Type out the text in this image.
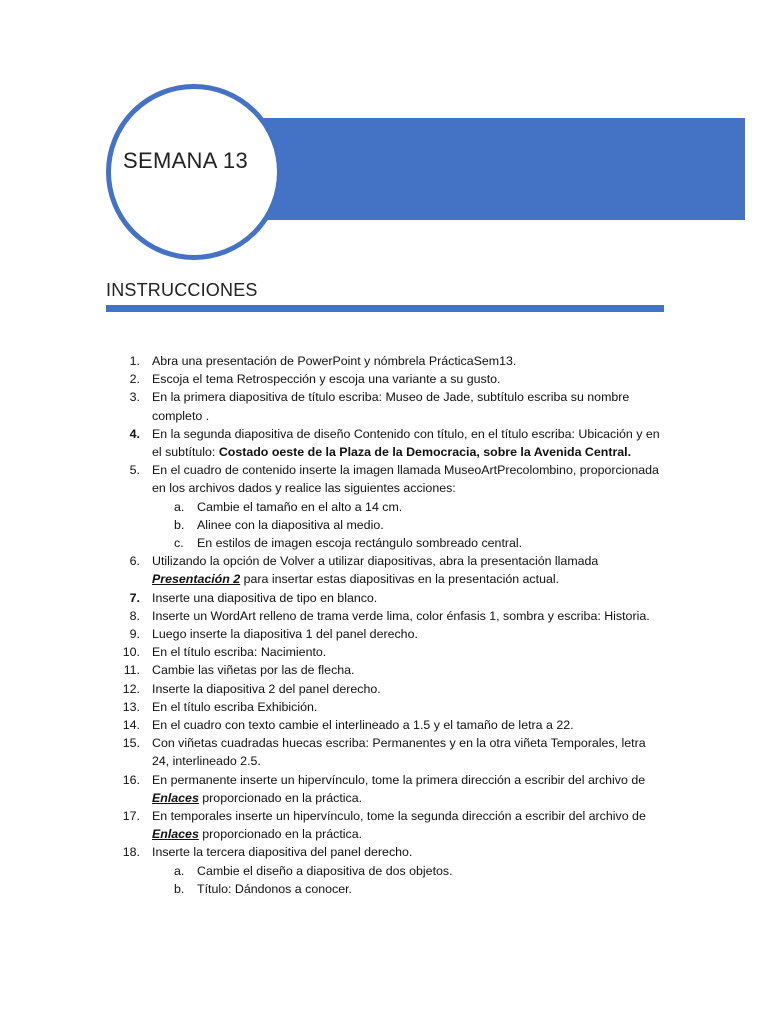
SEMANA 13
INSTRUCCIONES
1. Abra una presentación de PowerPoint y nómbrela PrácticaSem13.
2. Escoja el tema Retrospección y escoja una variante a su gusto.
3. En la primera diapositiva de título escriba: Museo de Jade, subtítulo escriba su nombre completo .
4. En la segunda diapositiva de diseño Contenido con título, en el título escriba: Ubicación y en el subtítulo: Costado oeste de la Plaza de la Democracia, sobre la Avenida Central.
5. En el cuadro de contenido inserte la imagen llamada MuseoArtPrecolombino, proporcionada en los archivos dados y realice las siguientes acciones:
a. Cambie el tamaño en el alto a 14 cm.
b. Alinee con la diapositiva al medio.
c. En estilos de imagen escoja rectángulo sombreado central.
6. Utilizando la opción de Volver a utilizar diapositivas, abra la presentación llamada Presentación 2 para insertar estas diapositivas en la presentación actual.
7. Inserte una diapositiva de tipo en blanco.
8. Inserte un WordArt relleno de trama verde lima, color énfasis 1, sombra y escriba: Historia.
9. Luego inserte la diapositiva 1 del panel derecho.
10. En el título escriba: Nacimiento.
11. Cambie las viñetas por las de flecha.
12. Inserte la diapositiva 2 del panel derecho.
13. En el título escriba Exhibición.
14. En el cuadro con texto cambie el interlineado a 1.5 y el tamaño de letra a 22.
15. Con viñetas cuadradas huecas escriba: Permanentes y en la otra viñeta Temporales, letra 24, interlineado 2.5.
16. En permanente inserte un hipervínculo, tome la primera dirección a escribir del archivo de Enlaces proporcionado en la práctica.
17. En temporales inserte un hipervínculo, tome la segunda dirección a escribir del archivo de Enlaces proporcionado en la práctica.
18. Inserte la tercera diapositiva del panel derecho.
a. Cambie el diseño a diapositiva de dos objetos.
b. Título: Dándonos a conocer.
